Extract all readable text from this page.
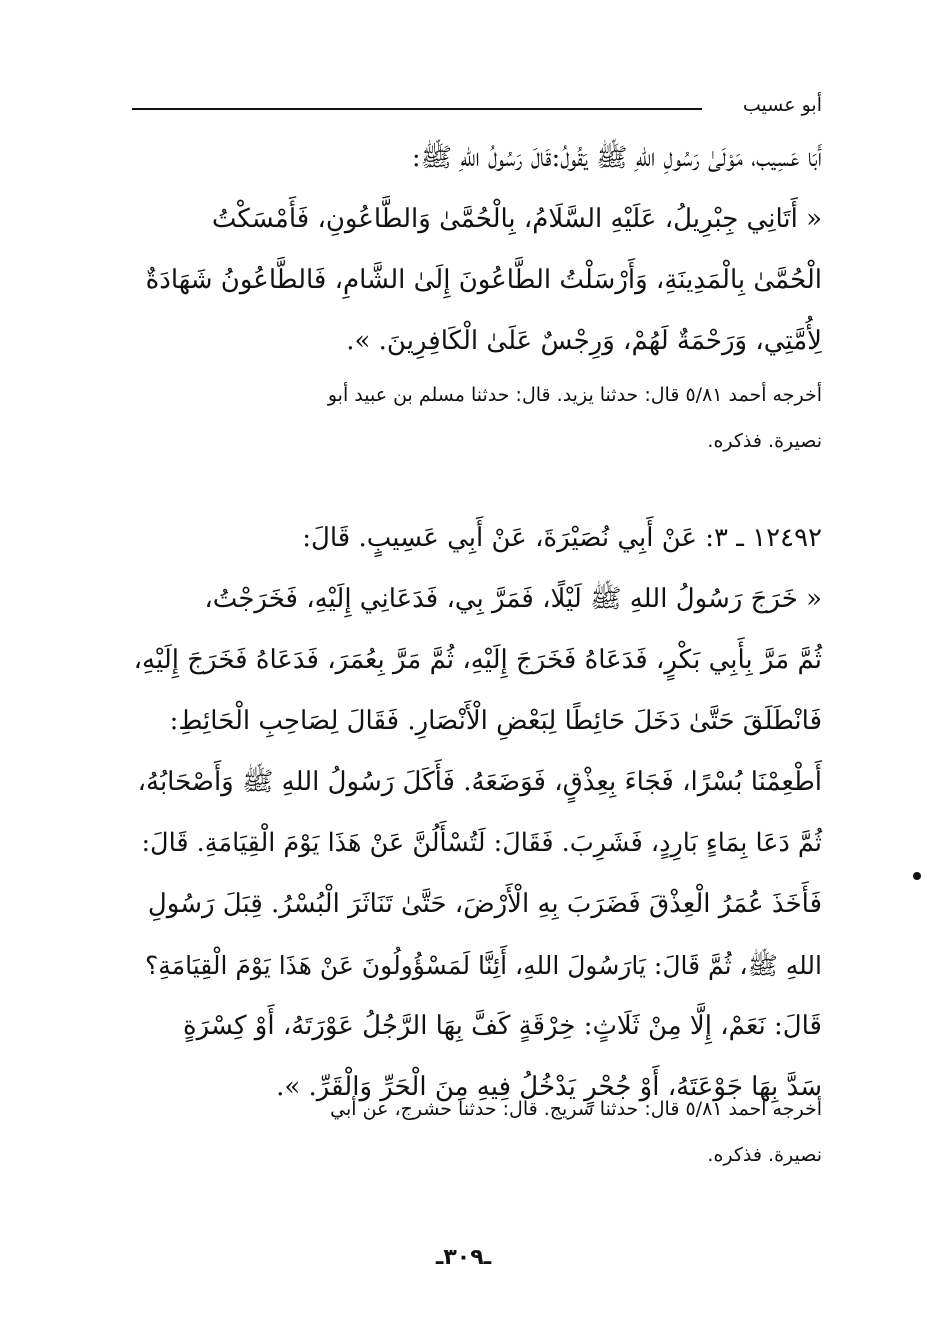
أبو عسيب
أَبَا عَسِيب، مَوْلَىٰ رَسُولِ اللهِ ﷺ يَقُولُ:قَالَ رَسُولُ اللهِ ﷺ:
« أَتَانِي جِبْرِيلُ، عَلَيْهِ السَّلَامُ، بِالْحُمَّىٰ وَالطَّاعُونِ، فَأَمْسَكْتُ
الْحُمَّىٰ بِالْمَدِينَةِ، وَأَرْسَلْتُ الطَّاعُونَ إِلَىٰ الشَّامِ، فَالطَّاعُونُ شَهَادَةٌ
لِأُمَّتِي، وَرَحْمَةٌ لَهُمْ، وَرِجْسٌ عَلَىٰ الْكَافِرِينَ. ».
أخرجه أحمد ٥/٨١ قال: حدثنا يزيد. قال: حدثنا مسلم بن عبيد أبو
نصيرة. فذكره.
١٢٤٩٢ ـ ٣: عَنْ أَبِي نُصَيْرَةَ، عَنْ أَبِي عَسِيبٍ. قَالَ:
« خَرَجَ رَسُولُ اللهِ ﷺ لَيْلًا، فَمَرَّ بِي، فَدَعَانِي إِلَيْهِ، فَخَرَجْتُ،
ثُمَّ مَرَّ بِأَبِي بَكْرٍ، فَدَعَاهُ فَخَرَجَ إِلَيْهِ، ثُمَّ مَرَّ بِعُمَرَ، فَدَعَاهُ فَخَرَجَ إِلَيْهِ،
فَانْطَلَقَ حَتَّىٰ دَخَلَ حَائِطًا لِبَعْضِ الْأَنْصَارِ. فَقَالَ لِصَاحِبِ الْحَائِطِ:
أَطْعِمْنَا بُسْرًا، فَجَاءَ بِعِذْقٍ، فَوَضَعَهُ. فَأَكَلَ رَسُولُ اللهِ ﷺ وَأَصْحَابُهُ،
ثُمَّ دَعَا بِمَاءٍ بَارِدٍ، فَشَرِبَ. فَقَالَ: لَتُسْأَلُنَّ عَنْ هَذَا يَوْمَ الْقِيَامَةِ. قَالَ:
فَأَخَذَ عُمَرُ الْعِذْقَ فَضَرَبَ بِهِ الْأَرْضَ، حَتَّىٰ تَنَاثَرَ الْبُسْرُ. قِبَلَ رَسُولِ
اللهِ ﷺ، ثُمَّ قَالَ: يَارَسُولَ اللهِ، أَئِنَّا لَمَسْؤُولُونَ عَنْ هَذَا يَوْمَ الْقِيَامَةِ؟
قَالَ: نَعَمْ، إِلَّا مِنْ ثَلَاثٍ: خِرْقَةٍ كَفَّ بِهَا الرَّجُلُ عَوْرَتَهُ، أَوْ كِسْرَةٍ
سَدَّ بِهَا جَوْعَتَهُ، أَوْ جُحْرٍ يَدْخُلُ فِيهِ مِنَ الْحَرِّ وَالْقَرِّ. ».
أخرجه أحمد ٥/٨١ قال: حدثنا سريج. قال: حدثنا حشرج، عن أبي
نصيرة. فذكره.
ـ٣٠٩ـ
